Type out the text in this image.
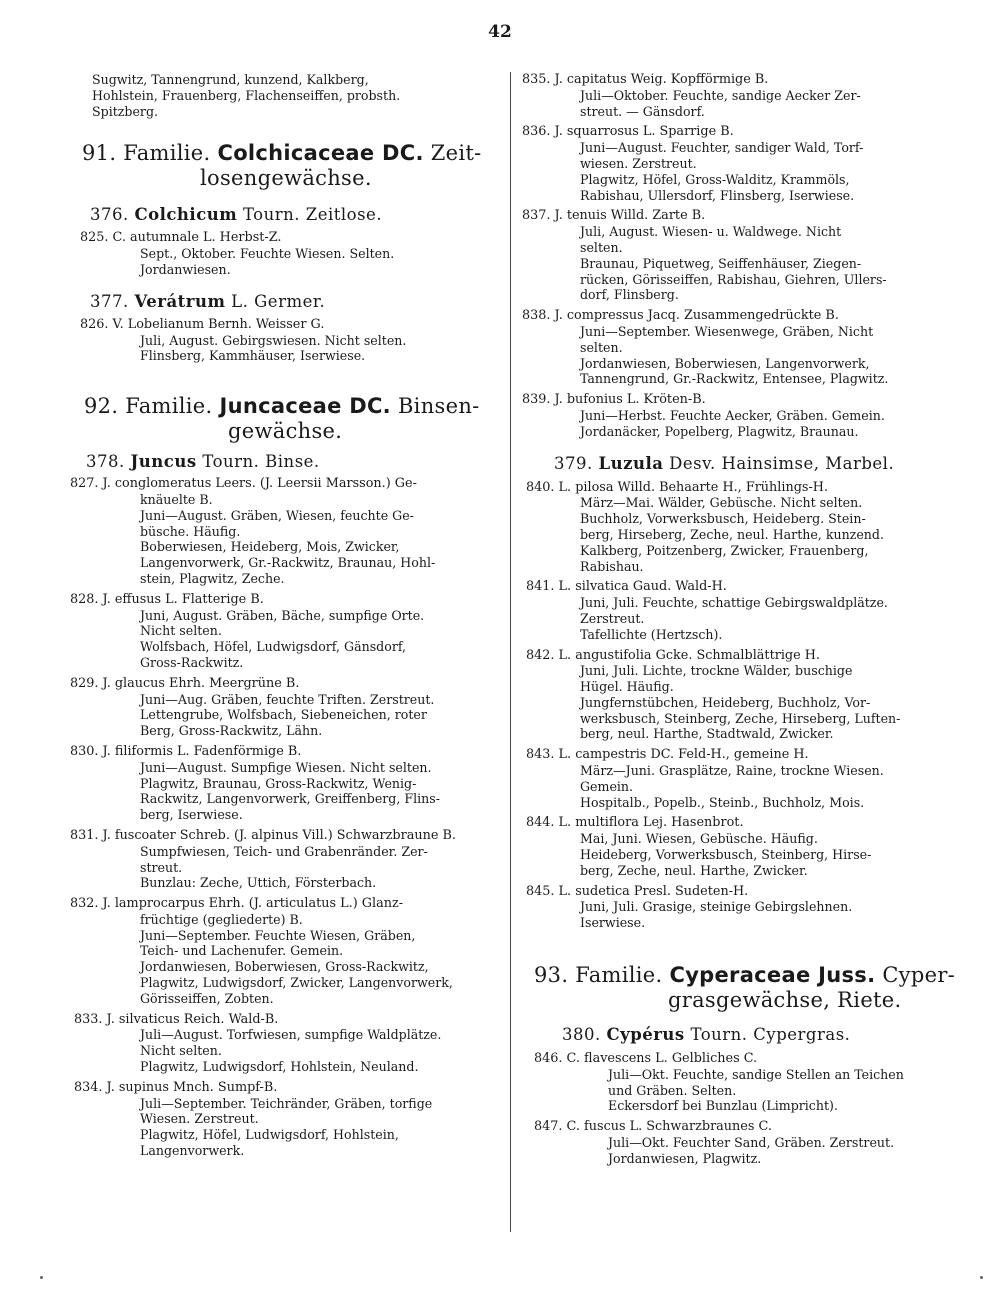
42
Sugwitz, Tannengrund, kunzend, Kalkberg,
Hohlstein, Frauenberg, Flachenseiffen, probsth.
Spitzberg.
91. Familie. Colchicaceae DC. Zeit-
losengewächse.
376. Colchicum Tourn. Zeitlose.
825. C. autumnale L. Herbst-Z.
Sept., Oktober. Feuchte Wiesen. Selten.
Jordanwiesen.
377. Verátrum L. Germer.
826. V. Lobelianum Bernh. Weisser G.
Juli, August. Gebirgswiesen. Nicht selten.
Flinsberg, Kammhäuser, Iserwiese.
92. Familie. Juncaceae DC. Binsen-
gewächse.
378. Juncus Tourn. Binse.
827. J. conglomeratus Leers. (J. Leersii Marsson.) Ge-
knäuelte B.
Juni—August. Gräben, Wiesen, feuchte Ge-
büsche. Häufig.
Boberwiesen, Heideberg, Mois, Zwicker,
Langenvorwerk, Gr.-Rackwitz, Braunau, Hohl-
stein, Plagwitz, Zeche.
828. J. effusus L. Flatterige B.
Juni, August. Gräben, Bäche, sumpfige Orte.
Nicht selten.
Wolfsbach, Höfel, Ludwigsdorf, Gänsdorf,
Gross-Rackwitz.
829. J. glaucus Ehrh. Meergrüne B.
Juni—Aug. Gräben, feuchte Triften. Zerstreut.
Lettengrube, Wolfsbach, Siebeneichen, roter
Berg, Gross-Rackwitz, Lähn.
830. J. filiformis L. Fadenförmige B.
Juni—August. Sumpfige Wiesen. Nicht selten.
Plagwitz, Braunau, Gross-Rackwitz, Wenig-
Rackwitz, Langenvorwerk, Greiffenberg, Flins-
berg, Iserwiese.
831. J. fuscoater Schreb. (J. alpinus Vill.) Schwarzbraune B.
Sumpfwiesen, Teich- und Grabenränder. Zer-
streut.
Bunzlau: Zeche, Uttich, Försterbach.
832. J. lamprocarpus Ehrh. (J. articulatus L.) Glanz-
früchtige (gegliederte) B.
Juni—September. Feuchte Wiesen, Gräben,
Teich- und Lachenufer. Gemein.
Jordanwiesen, Boberwiesen, Gross-Rackwitz,
Plagwitz, Ludwigsdorf, Zwicker, Langenvorwerk,
Görisseiffen, Zobten.
833. J. silvaticus Reich. Wald-B.
Juli—August. Torfwiesen, sumpfige Waldplätze.
Nicht selten.
Plagwitz, Ludwigsdorf, Hohlstein, Neuland.
834. J. supinus Mnch. Sumpf-B.
Juli—September. Teichränder, Gräben, torfige
Wiesen. Zerstreut.
Plagwitz, Höfel, Ludwigsdorf, Hohlstein,
Langenvorwerk.
835. J. capitatus Weig. Kopfförmige B.
Juli—Oktober. Feuchte, sandige Aecker Zer-
streut. — Gänsdorf.
836. J. squarrosus L. Sparrige B.
Juni—August. Feuchter, sandiger Wald, Torf-
wiesen. Zerstreut.
Plagwitz, Höfel, Gross-Walditz, Krammöls,
Rabishau, Ullersdorf, Flinsberg, Iserwiese.
837. J. tenuis Willd. Zarte B.
Juli, August. Wiesen- u. Waldwege. Nicht
selten.
Braunau, Piquetweg, Seiffenhäuser, Ziegen-
rücken, Görisseiffen, Rabishau, Giehren, Ullers-
dorf, Flinsberg.
838. J. compressus Jacq. Zusammengedrückte B.
Juni—September. Wiesenwege, Gräben, Nicht
selten.
Jordanwiesen, Boberwiesen, Langenvorwerk,
Tannengrund, Gr.-Rackwitz, Entensee, Plagwitz.
839. J. bufonius L. Kröten-B.
Juni—Herbst. Feuchte Aecker, Gräben. Gemein.
Jordanäcker, Popelberg, Plagwitz, Braunau.
379. Luzula Desv. Hainsimse, Marbel.
840. L. pilosa Willd. Behaarte H., Frühlings-H.
März—Mai. Wälder, Gebüsche. Nicht selten.
Buchholz, Vorwerksbusch, Heideberg. Stein-
berg, Hirseberg, Zeche, neul. Harthe, kunzend.
Kalkberg, Poitzenberg, Zwicker, Frauenberg,
Rabishau.
841. L. silvatica Gaud. Wald-H.
Juni, Juli. Feuchte, schattige Gebirgswaldplätze.
Zerstreut.
Tafellichte (Hertzsch).
842. L. angustifolia Gcke. Schmalblättrige H.
Juni, Juli. Lichte, trockne Wälder, buschige
Hügel. Häufig.
Jungfernstübchen, Heideberg, Buchholz, Vor-
werksbusch, Steinberg, Zeche, Hirseberg, Luften-
berg, neul. Harthe, Stadtwald, Zwicker.
843. L. campestris DC. Feld-H., gemeine H.
März—Juni. Grasplätze, Raine, trockne Wiesen.
Gemein.
Hospitalb., Popelb., Steinb., Buchholz, Mois.
844. L. multiflora Lej. Hasenbrot.
Mai, Juni. Wiesen, Gebüsche. Häufig.
Heideberg, Vorwerksbusch, Steinberg, Hirse-
berg, Zeche, neul. Harthe, Zwicker.
845. L. sudetica Presl. Sudeten-H.
Juni, Juli. Grasige, steinige Gebirgslehnen.
Iserwiese.
93. Familie. Cyperaceae Juss. Cyper-
grasgewächse, Riete.
380. Cypérus Tourn. Cypergras.
846. C. flavescens L. Gelbliches C.
Juli—Okt. Feuchte, sandige Stellen an Teichen
und Gräben. Selten.
Eckersdorf bei Bunzlau (Limpricht).
847. C. fuscus L. Schwarzbraunes C.
Juli—Okt. Feuchter Sand, Gräben. Zerstreut.
Jordanwiesen, Plagwitz.
